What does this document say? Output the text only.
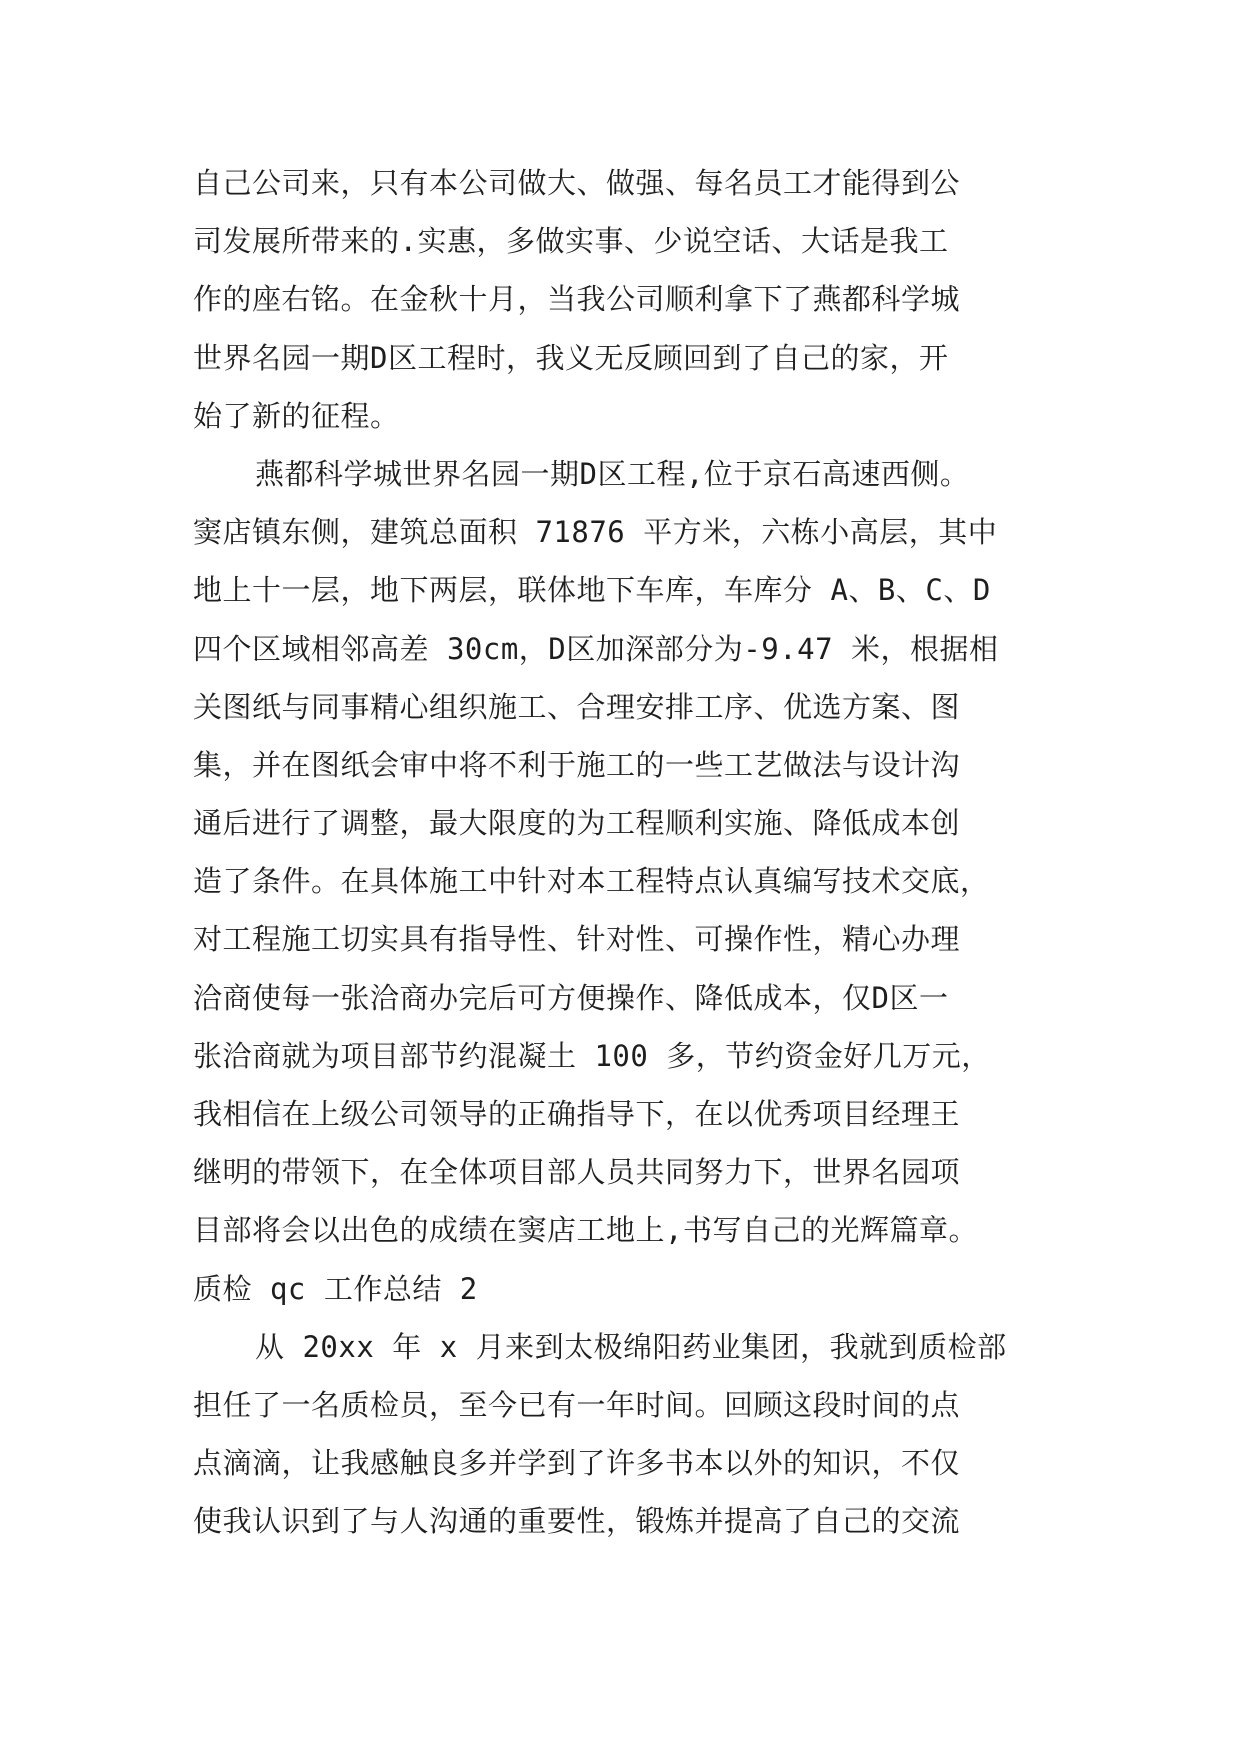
自己公司来，只有本公司做大、做强、每名员工才能得到公
司发展所带来的.实惠，多做实事、少说空话、大话是我工
作的座右铭。在金秋十月，当我公司顺利拿下了燕都科学城
世界名园一期D区工程时，我义无反顾回到了自己的家，开
始了新的征程。
燕都科学城世界名园一期D区工程,位于京石高速西侧。
窦店镇东侧，建筑总面积 71876 平方米，六栋小高层，其中
地上十一层，地下两层，联体地下车库，车库分 A、B、C、D
四个区域相邻高差 30cm，D区加深部分为-9.47 米，根据相
关图纸与同事精心组织施工、合理安排工序、优选方案、图
集，并在图纸会审中将不利于施工的一些工艺做法与设计沟
通后进行了调整，最大限度的为工程顺利实施、降低成本创
造了条件。在具体施工中针对本工程特点认真编写技术交底，
对工程施工切实具有指导性、针对性、可操作性，精心办理
洽商使每一张洽商办完后可方便操作、降低成本，仅D区一
张洽商就为项目部节约混凝土 100 多，节约资金好几万元，
我相信在上级公司领导的正确指导下，在以优秀项目经理王
继明的带领下，在全体项目部人员共同努力下，世界名园项
目部将会以出色的成绩在窦店工地上,书写自己的光辉篇章。
质检 qc 工作总结 2
从 20xx 年 x 月来到太极绵阳药业集团，我就到质检部
担任了一名质检员，至今已有一年时间。回顾这段时间的点
点滴滴，让我感触良多并学到了许多书本以外的知识，不仅
使我认识到了与人沟通的重要性，锻炼并提高了自己的交流
